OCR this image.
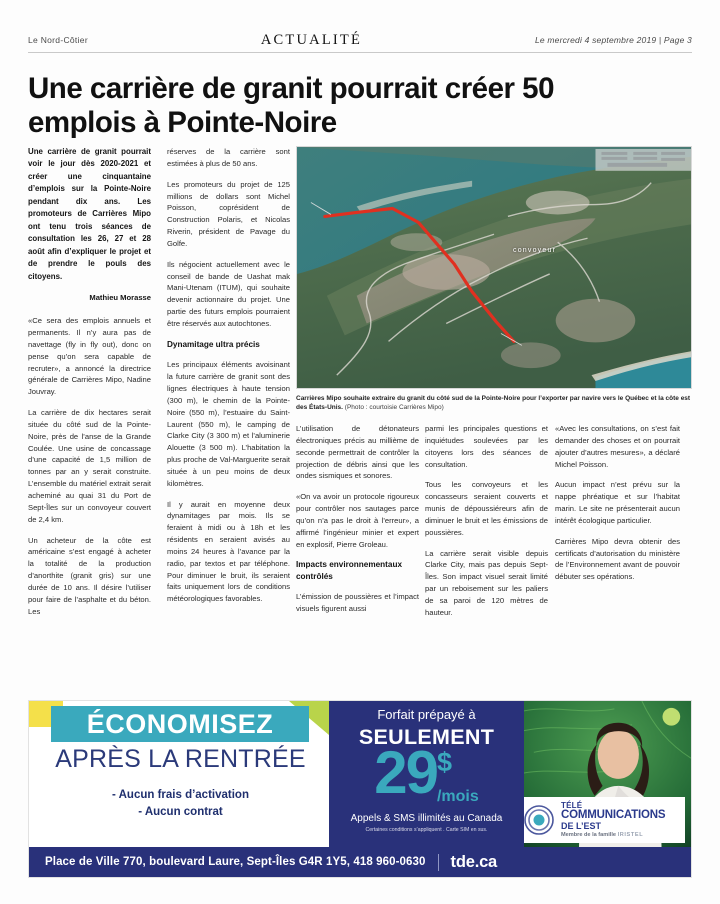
Le Nord-Côtier	ACTUALITÉ	Le mercredi 4 septembre 2019 | Page 3
Une carrière de granit pourrait créer 50 emplois à Pointe-Noire
convoyeur
Carrières Mipo souhaite extraire du granit du côté sud de la Pointe-Noire pour l’exporter par navire vers le Québec et la côte est des États-Unis. (Photo : courtoisie Carrières Mipo)

Une carrière de granit pourrait voir le jour dès 2020-2021 et créer une cinquantaine d’emplois sur la Pointe-Noire pendant dix ans. Les promoteurs de Carrières Mipo ont tenu trois séances de consultation les 26, 27 et 28 août afin d’expliquer le projet et de prendre le pouls des citoyens.

Mathieu Morasse

«Ce sera des emplois annuels et permanents. Il n’y aura pas de navettage (fly in fly out), donc on pense qu’on sera capable de recruter», a annoncé la directrice générale de Carrières Mipo, Nadine Jouvray.

La carrière de dix hectares serait située du côté sud de la Pointe-Noire, près de l’anse de la Grande Coulée. Une usine de concassage d’une capacité de 1,5 million de tonnes par an y serait construite. L’ensemble du matériel extrait serait acheminé au quai 31 du Port de Sept-Îles sur un convoyeur couvert de 2,4 km.

Un acheteur de la côte est américaine s’est engagé à acheter la totalité de la production d’anorthite (granit gris) sur une durée de 10 ans. Il désire l’utiliser pour faire de l’asphalte et du béton. Les

réserves de la carrière sont estimées à plus de 50 ans.

Les promoteurs du projet de 125 millions de dollars sont Michel Poisson, coprésident de Construction Polaris, et Nicolas Riverin, président de Pavage du Golfe.

Ils négocient actuellement avec le conseil de bande de Uashat mak Mani-Utenam (ITUM), qui souhaite devenir actionnaire du projet. Une partie des futurs emplois pourraient être réservés aux autochtones.

Dynamitage ultra précis

Les principaux éléments avoisinant la future carrière de granit sont des lignes électriques à haute tension (300 m), le chemin de la Pointe-Noire (550 m), l’estuaire du Saint-Laurent (550 m), le camping de Clarke City (3 300 m) et l’aluminerie Alouette (3 500 m). L’habitation la plus proche de Val-Marguerite serait située à un peu moins de deux kilomètres.

Il y aurait en moyenne deux dynamitages par mois. Ils se feraient à midi ou à 18h et les résidents en seraient avisés au moins 24 heures à l’avance par la radio, par textos et par téléphone. Pour diminuer le bruit, ils seraient faits uniquement lors de conditions météorologiques favorables.

L’utilisation de détonateurs électroniques précis au millième de seconde permettrait de contrôler la projection de débris ainsi que les ondes sismiques et sonores.

«On va avoir un protocole rigoureux pour contrôler nos sautages parce qu’on n’a pas le droit à l’erreur», a affirmé l’ingénieur minier et expert en explosif, Pierre Groleau.

Impacts environnementaux contrôlés

L’émission de poussières et l’impact visuels figurent aussi

parmi les principales questions et inquiétudes soulevées par les citoyens lors des séances de consultation.

Tous les convoyeurs et les concasseurs seraient couverts et munis de dépoussiéreurs afin de diminuer le bruit et les émissions de poussières.

La carrière serait visible depuis Clarke City, mais pas depuis Sept-Îles. Son impact visuel serait limité par un reboisement sur les paliers de sa paroi de 120 mètres de hauteur.

«Avec les consultations, on s’est fait demander des choses et on pourrait ajouter d’autres mesures», a déclaré Michel Poisson.

Aucun impact n’est prévu sur la nappe phréatique et sur l’habitat marin. Le site ne présenterait aucun intérêt écologique particulier.

Carrières Mipo devra obtenir des certificats d’autorisation du ministère de l’Environnement avant de pouvoir débuter ses opérations.

ÉCONOMISEZ
APRÈS LA RENTRÉE
- Aucun frais d’activation
- Aucun contrat
Forfait prépayé à
SEULEMENT
29 $
/mois
Appels & SMS illimités au Canada
Certaines conditions s’appliquent . Carte SIM en sus.
TÉLÉ
COMMUNICATIONS
DE L’EST
Membre de la famille IRISTEL
Place de Ville 770, boulevard Laure, Sept-Îles G4R 1Y5, 418 960-0630 tde.ca
